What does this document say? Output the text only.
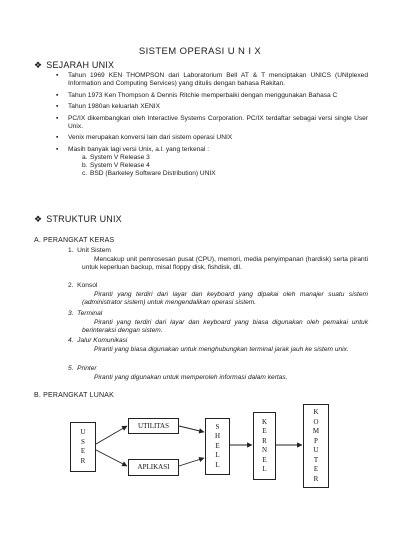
SISTEM OPERASI U N I X
❖ SEJARAH UNIX
▪ Tahun 1969 KEN THOMPSON dari Laboratorium Bell AT & T menciptakan UNICS (UNIplexed Information and Computing Services) yang ditulis dengan bahasa Rakitan.
▪ Tahun 1973 Ken Thompson & Dennis Ritchie memperbaiki dengan menggunakan Bahasa C
▪ Tahun 1980an keluarlah XENIX
▪ PC/IX dikembangkan oleh Interactive Systems Corporation. PC/IX terdaftar sebagai versi single User Unix.
▪ Venix merupakan konversi lain dari sistem operasi UNIX
▪ Masih banyak lagi versi Unix, a.l. yang terkenal :
a. System V Release 3
b. System V Release 4
c. BSD (Barkeley Software Distribution) UNIX
❖ STRUKTUR UNIX
A. PERANGKAT KERAS
1. Unit Sistem
Mencakup unit pemrosesan pusat (CPU), memori, media penyimpanan (hardisk) serta piranti untuk keperluan backup, misal floppy disk, fishdisk, dll.
2. Konsol
Piranti yang terdiri dari layar dan keyboard yang dipakai oleh manajer suatu sistem (administrator sistem) untuk mengendalikan operasi sistem.
3. Terminal
Piranti yang terdiri dari layar dan keyboard yang biasa digunakan oleh pemakai untuk berinteraksi dengan sistem.
4. Jalur Komunikasi
Piranti yang biasa digunakan untuk menghubungkan terminal jarak jauh ke sistem unix.
5. Printer
Piranti yang digunakan untuk memperoleh informasi dalam kertas.
B. PERANGKAT LUNAK
U S E R
UTILITAS
APLIKASI
S H E L L
K E R N E L
K O M P U T E R
